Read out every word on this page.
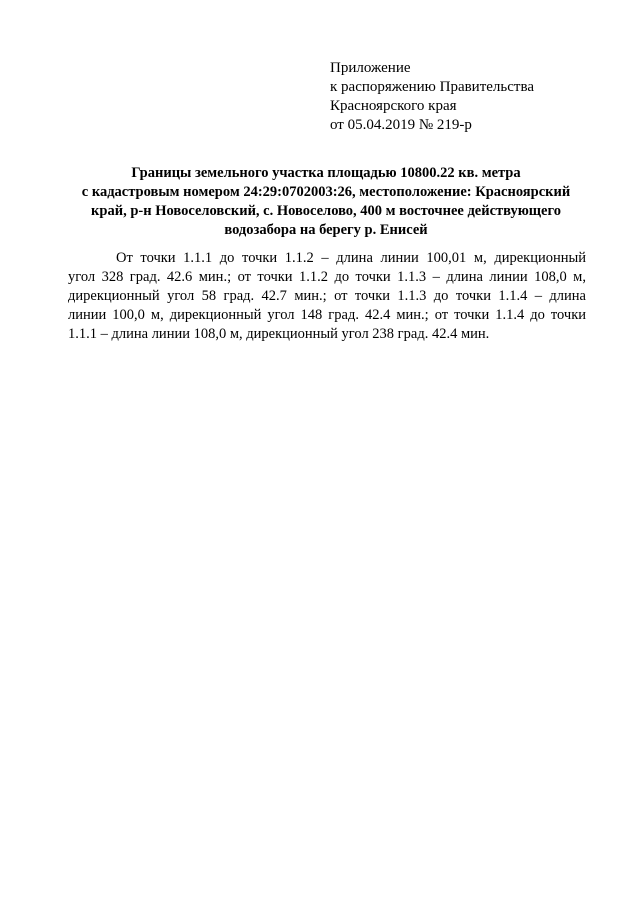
Приложение
к распоряжению Правительства
Красноярского края
от 05.04.2019 № 219-р
Границы земельного участка площадью 10800.22 кв. метра
с кадастровым номером 24:29:0702003:26, местоположение: Красноярский
край, р-н Новоселовский, с. Новоселово, 400 м восточнее действующего
водозабора на берегу р. Енисей
От точки 1.1.1 до точки 1.1.2 – длина линии 100,01 м, дирекционный
угол 328 град. 42.6 мин.; от точки 1.1.2 до точки 1.1.3 – длина линии 108,0 м,
дирекционный угол 58 град. 42.7 мин.; от точки 1.1.3 до точки 1.1.4 – длина
линии 100,0 м, дирекционный угол 148 град. 42.4 мин.; от точки 1.1.4 до точки
1.1.1 – длина линии 108,0 м, дирекционный угол 238 град. 42.4 мин.
